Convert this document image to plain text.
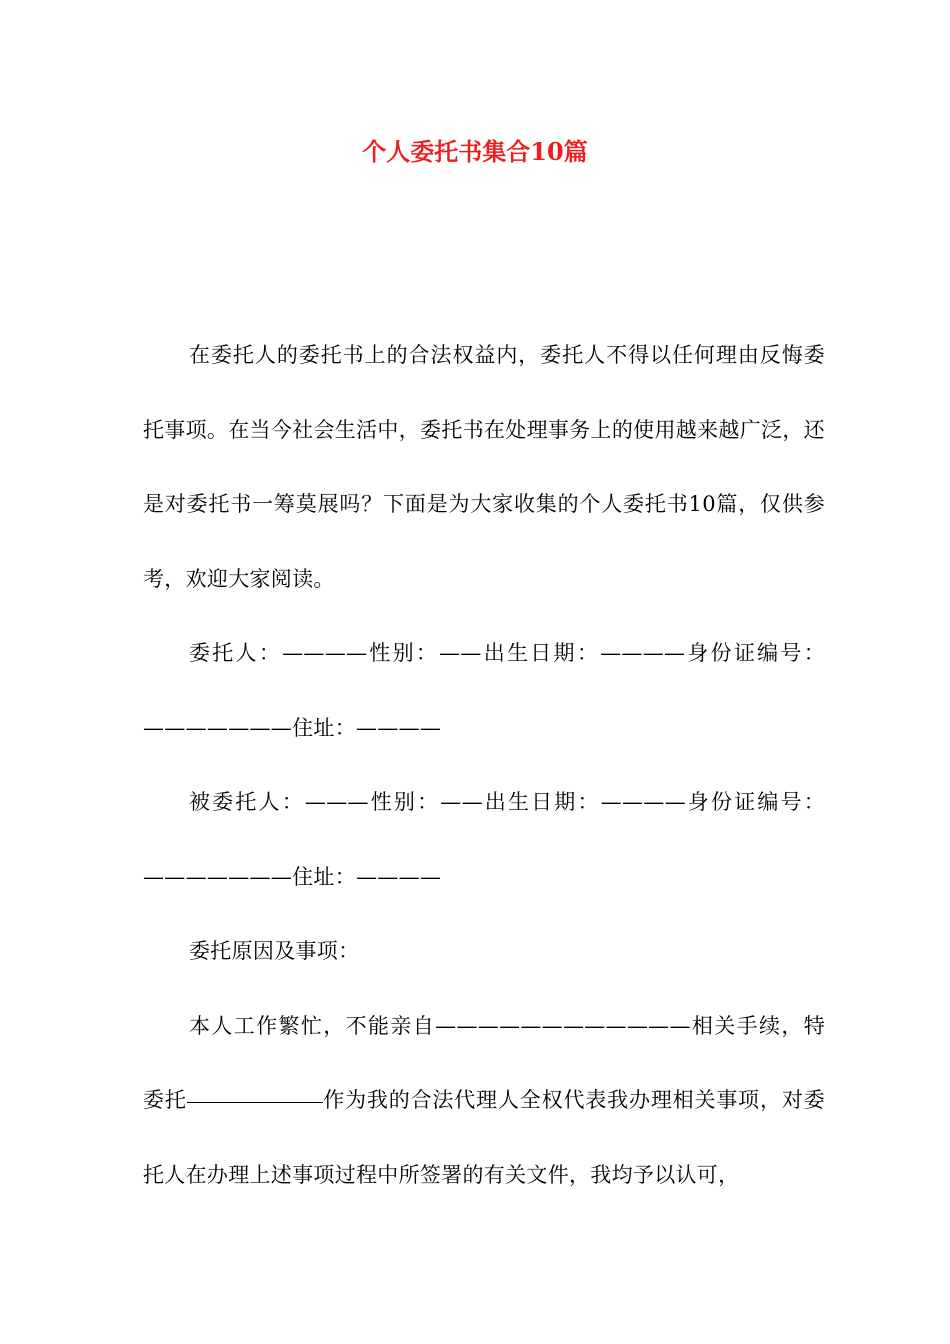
个人委托书集合10篇

在委托人的委托书上的合法权益内，委托人不得以任何理由反悔委托事项。在当今社会生活中，委托书在处理事务上的使用越来越广泛，还是对委托书一筹莫展吗？下面是为大家收集的个人委托书10篇，仅供参考，欢迎大家阅读。

委托人：————性别：——出生日期：————身份证编号：———————住址：————

被委托人：———性别：——出生日期：————身份证编号：———————住址：————

委托原因及事项：

本人工作繁忙，不能亲自————————————相关手续，特委托	作为我的合法代理人全权代表我办理相关事项，对委托人在办理上述事项过程中所签署的有关文件，我均予以认可，
